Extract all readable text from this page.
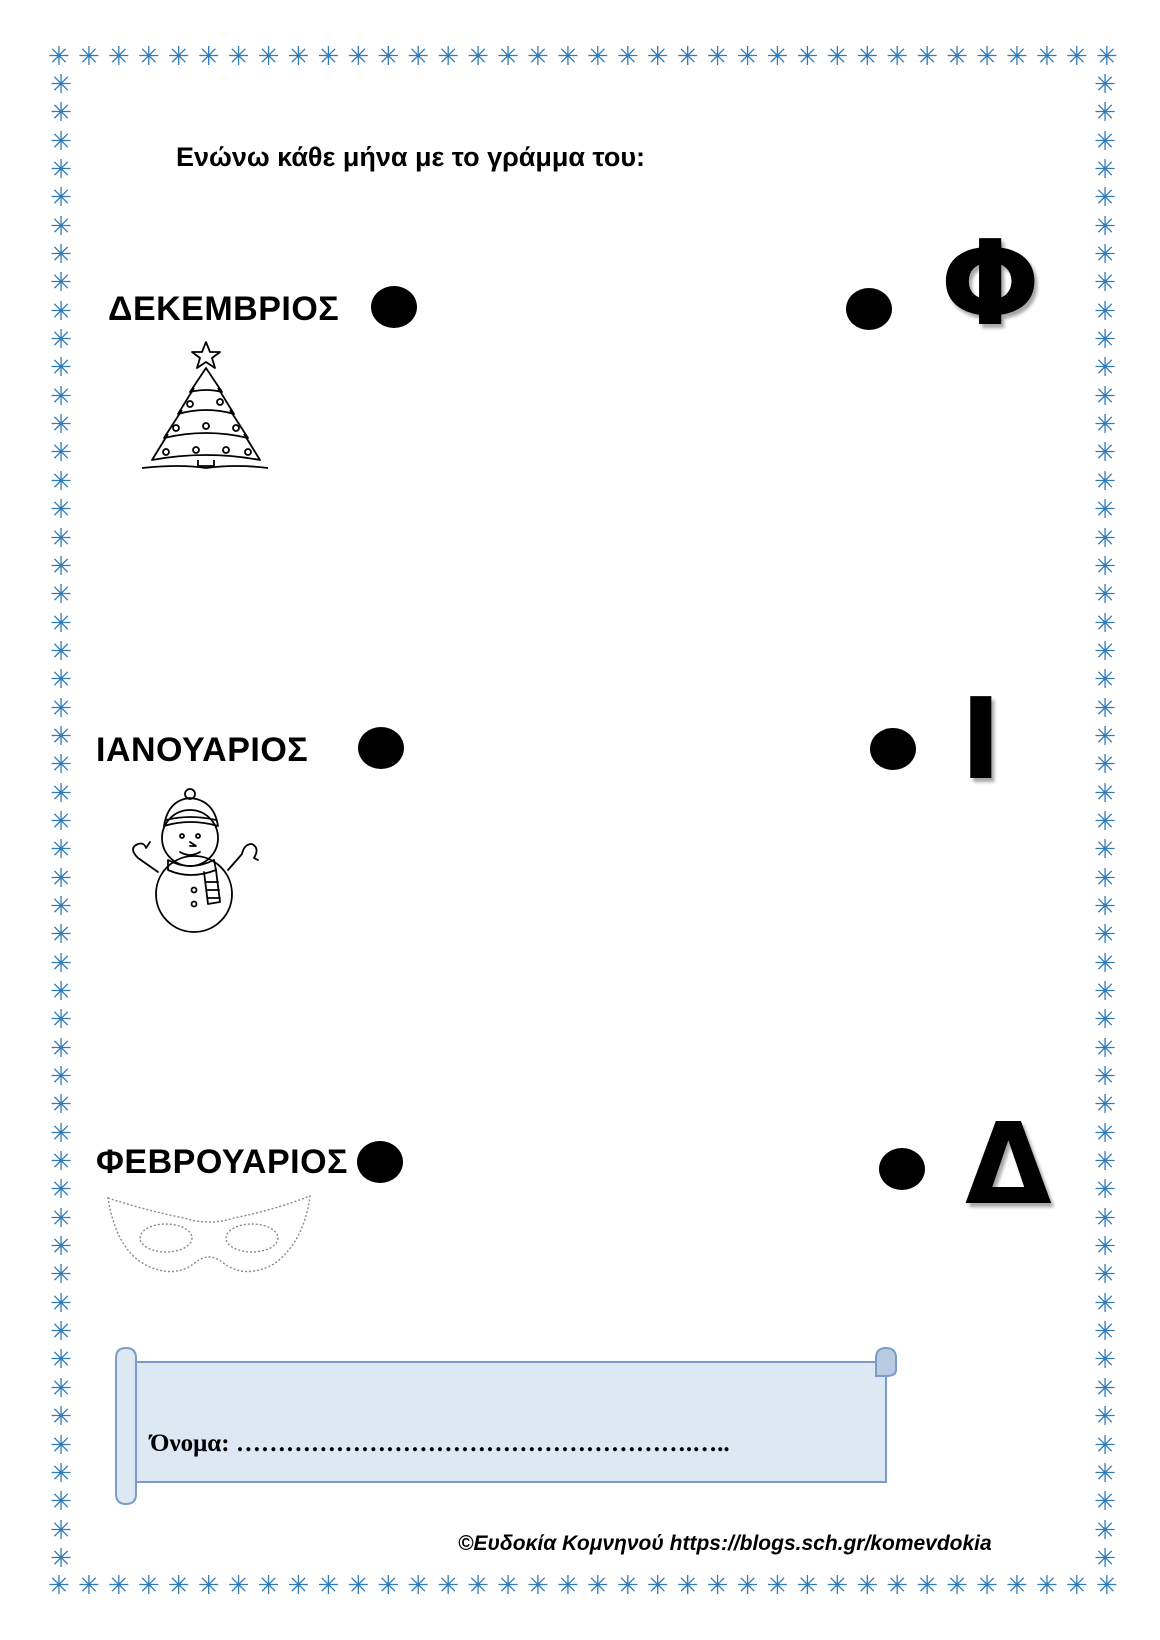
✳ ✳ ✳ ✳ ✳ ✳ ✳ ✳ ✳ ✳ ✳ ✳ ✳ ✳ ✳ ✳ ✳ ✳ ✳ ✳ ✳ ✳ ✳ ✳ ✳ ✳ ✳ ✳ ✳ ✳ ✳ ✳ ✳ ✳ ✳ ✳
✳ ✳ ✳ ✳ ✳ ✳ ✳ ✳ ✳ ✳ ✳ ✳ ✳ ✳ ✳ ✳ ✳ ✳ ✳ ✳ ✳ ✳ ✳ ✳ ✳ ✳ ✳ ✳ ✳ ✳ ✳ ✳ ✳ ✳ ✳ ✳
✳
✳
✳
✳
✳
✳
✳
✳
✳
✳
✳
✳
✳
✳
✳
✳
✳
✳
✳
✳
✳
✳
✳
✳
✳
✳
✳
✳
✳
✳
✳
✳
✳
✳
✳
✳
✳
✳
✳
✳
✳
✳
✳
✳
✳
✳
✳
✳
✳
✳
✳
✳
✳
✳
✳
✳
✳
✳
✳
✳
✳
✳
✳
✳
✳
✳
✳
✳
✳
✳
✳
✳
✳
✳
✳
✳
✳
✳
✳
✳
✳
✳
✳
✳
✳
✳
✳
✳
✳
✳
✳
✳
✳
✳
✳
✳
✳
✳
✳
✳
✳
✳
✳
✳
✳
✳
Ενώνω κάθε μήνα με το γράμμα του:
ΔΕΚΕΜΒΡΙΟΣ	Φ
ΙΑΝΟΥΑΡΙΟΣ	Ι
ΦΕΒΡΟΥΑΡΙΟΣ	Δ
Όνομα: ……………………………………………….…..
©Ευδοκία Κομνηνού https://blogs.sch.gr/komevdokia
